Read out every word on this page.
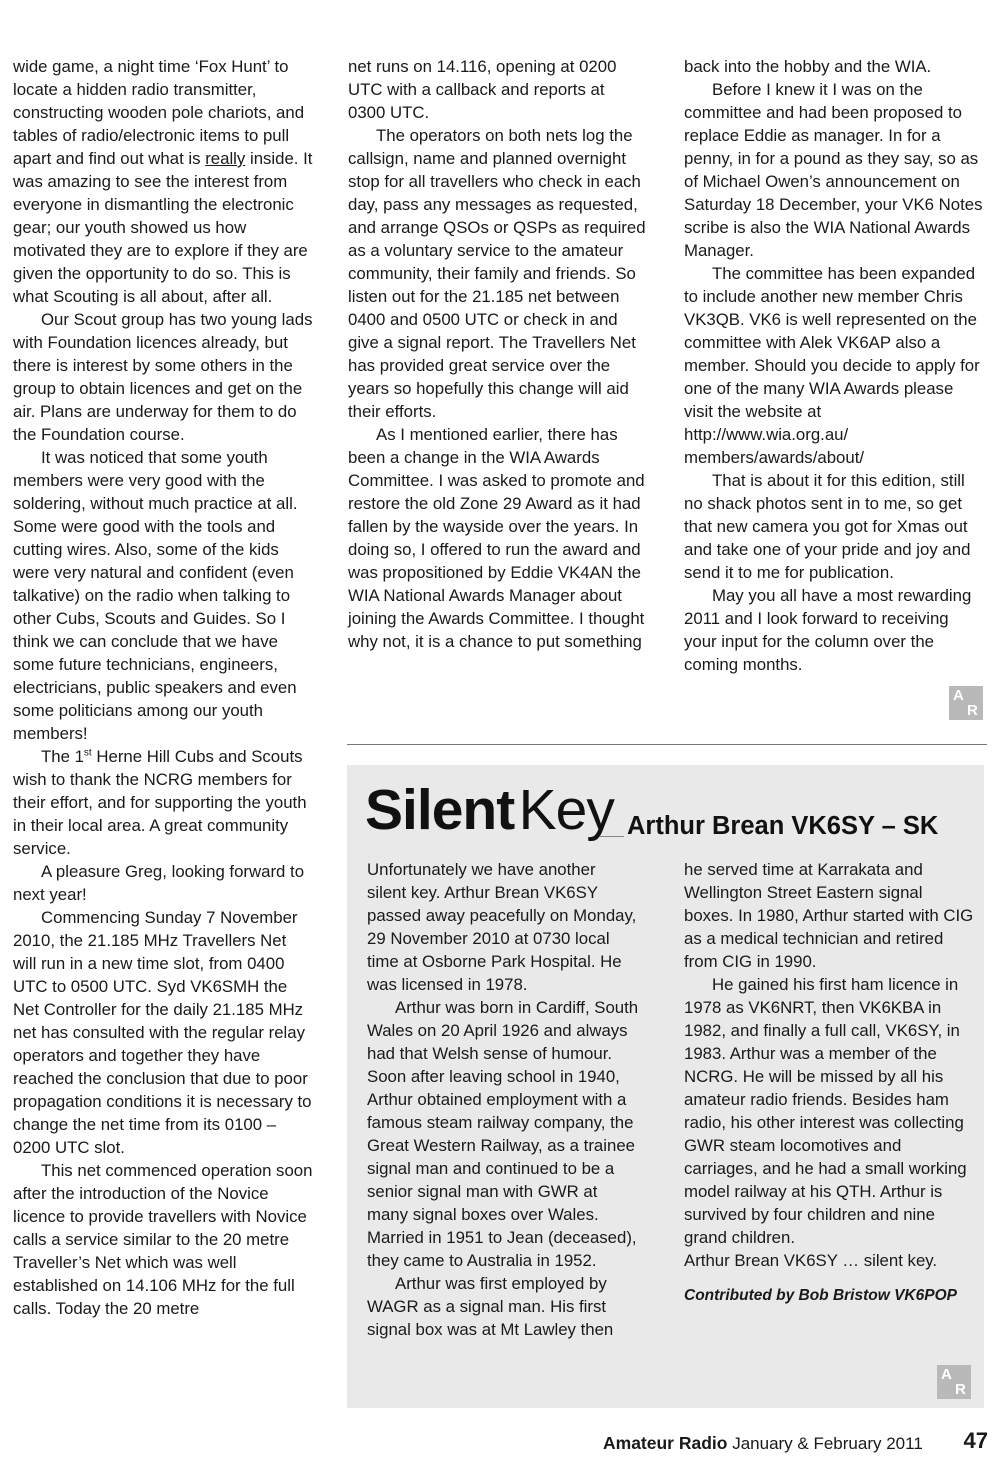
wide game, a night time ‘Fox Hunt’ to locate a hidden radio transmitter, constructing wooden pole chariots, and tables of radio/electronic items to pull apart and find out what is really inside. It was amazing to see the interest from everyone in dismantling the electronic gear; our youth showed us how motivated they are to explore if they are given the opportunity to do so. This is what Scouting is all about, after all.

Our Scout group has two young lads with Foundation licences already, but there is interest by some others in the group to obtain licences and get on the air. Plans are underway for them to do the Foundation course.

It was noticed that some youth members were very good with the soldering, without much practice at all. Some were good with the tools and cutting wires. Also, some of the kids were very natural and confident (even talkative) on the radio when talking to other Cubs, Scouts and Guides. So I think we can conclude that we have some future technicians, engineers, electricians, public speakers and even some politicians among our youth members!

The 1st Herne Hill Cubs and Scouts wish to thank the NCRG members for their effort, and for supporting the youth in their local area. A great community service.

A pleasure Greg, looking forward to next year!

Commencing Sunday 7 November 2010, the 21.185 MHz Travellers Net will run in a new time slot, from 0400 UTC to 0500 UTC. Syd VK6SMH the Net Controller for the daily 21.185 MHz net has consulted with the regular relay operators and together they have reached the conclusion that due to poor propagation conditions it is necessary to change the net time from its 0100 – 0200 UTC slot.

This net commenced operation soon after the introduction of the Novice licence to provide travellers with Novice calls a service similar to the 20 metre Traveller’s Net which was well established on 14.106 MHz for the full calls. Today the 20 metre

net runs on 14.116, opening at 0200 UTC with a callback and reports at 0300 UTC.

The operators on both nets log the callsign, name and planned overnight stop for all travellers who check in each day, pass any messages as requested, and arrange QSOs or QSPs as required as a voluntary service to the amateur community, their family and friends. So listen out for the 21.185 net between 0400 and 0500 UTC or check in and give a signal report. The Travellers Net has provided great service over the years so hopefully this change will aid their efforts.

As I mentioned earlier, there has been a change in the WIA Awards Committee. I was asked to promote and restore the old Zone 29 Award as it had fallen by the wayside over the years. In doing so, I offered to run the award and was propositioned by Eddie VK4AN the WIA National Awards Manager about joining the Awards Committee. I thought why not, it is a chance to put something

back into the hobby and the WIA.

Before I knew it I was on the committee and had been proposed to replace Eddie as manager. In for a penny, in for a pound as they say, so as of Michael Owen’s announcement on Saturday 18 December, your VK6 Notes scribe is also the WIA National Awards Manager.

The committee has been expanded to include another new member Chris VK3QB. VK6 is well represented on the committee with Alek VK6AP also a member. Should you decide to apply for one of the many WIA Awards please visit the website at http://www.wia.org.au/ members/awards/about/

That is about it for this edition, still no shack photos sent in to me, so get that new camera you got for Xmas out and take one of your pride and joy and send it to me for publication.

May you all have a most rewarding 2011 and I look forward to receiving your input for the column over the coming months.

A
R
Silent Key Arthur Brean VK6SY – SK

Unfortunately we have another silent key. Arthur Brean VK6SY passed away peacefully on Monday, 29 November 2010 at 0730 local time at Osborne Park Hospital. He was licensed in 1978.

Arthur was born in Cardiff, South Wales on 20 April 1926 and always had that Welsh sense of humour. Soon after leaving school in 1940, Arthur obtained employment with a famous steam railway company, the Great Western Railway, as a trainee signal man and continued to be a senior signal man with GWR at many signal boxes over Wales. Married in 1951 to Jean (deceased), they came to Australia in 1952.

Arthur was first employed by WAGR as a signal man. His first signal box was at Mt Lawley then

he served time at Karrakata and Wellington Street Eastern signal boxes. In 1980, Arthur started with CIG as a medical technician and retired from CIG in 1990.

He gained his first ham licence in 1978 as VK6NRT, then VK6KBA in 1982, and finally a full call, VK6SY, in 1983. Arthur was a member of the NCRG. He will be missed by all his amateur radio friends. Besides ham radio, his other interest was collecting GWR steam locomotives and carriages, and he had a small working model railway at his QTH. Arthur is survived by four children and nine grand children.

Arthur Brean VK6SY … silent key.

Contributed by Bob Bristow VK6POP

A
R
Amateur Radio January & February 2011 47
